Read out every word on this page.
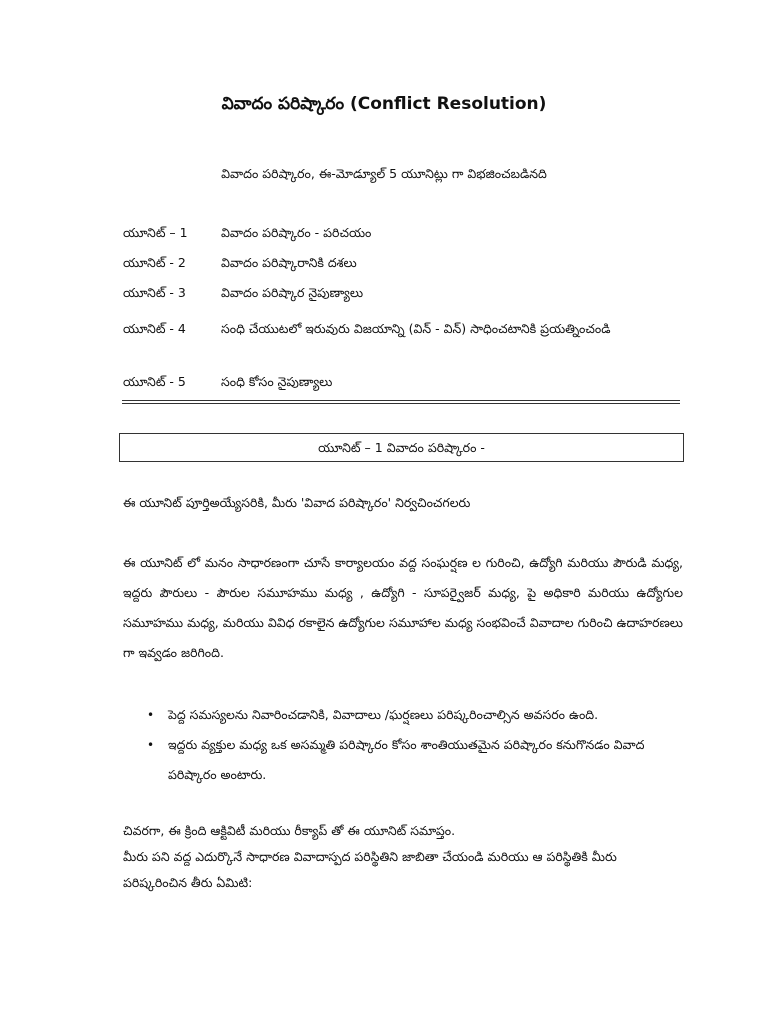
వివాదం పరిష్కారం (Conflict Resolution)
వివాదం పరిష్కారం, ఈ-మోడ్యూల్ 5 యూనిట్లు గా విభజించబడినది
యూనిట్ – 1	వివాదం పరిష్కారం - పరిచయం
యూనిట్ - 2	వివాదం పరిష్కారానికి దశలు
యూనిట్ - 3	వివాదం పరిష్కార నైపుణ్యాలు
యూనిట్ - 4	సంధి చేయుటలో ఇరువురు విజయాన్ని (విన్ - విన్) సాధించటానికి ప్రయత్నించండి
యూనిట్ - 5	సంధి కోసం నైపుణ్యాలు
యూనిట్ – 1 వివాదం పరిష్కారం -
ఈ యూనిట్ పూర్తిఅయ్యేసరికి, మీరు 'వివాద పరిష్కారం' నిర్వచించగలరు
ఈ యూనిట్ లో మనం సాధారణంగా చూసే కార్యాలయం వద్ద సంఘర్షణ ల గురించి, ఉద్యోగి మరియు పౌరుడి మధ్య, ఇద్దరు పౌరులు - పౌరుల సమూహము మధ్య , ఉద్యోగి - సూపర్వైజర్ మధ్య, పై అధికారి మరియు ఉద్యోగుల సమూహము మధ్య, మరియు వివిధ రకాలైన ఉద్యోగుల సమూహాల మధ్య సంభవించే వివాదాల గురించి ఉదాహరణలు గా ఇవ్వడం జరిగింది.
• పెద్ద సమస్యలను నివారించడానికి, వివాదాలు /ఘర్షణలు పరిష్కరించాల్సిన అవసరం ఉంది.
• ఇద్దరు వ్యక్తుల మధ్య ఒక అసమ్మతి పరిష్కారం కోసం శాంతియుతమైన పరిష్కారం కనుగొనడం వివాద పరిష్కారం అంటారు.
చివరగా, ఈ క్రింది ఆక్టివిటీ మరియు రీక్యాప్ తో ఈ యూనిట్ సమాప్తం.
మీరు పని వద్ద ఎదుర్కొనే సాధారణ వివాదాస్పద పరిస్థితిని జాబితా చేయండి మరియు ఆ పరిస్థితికి మీరు పరిష్కరించిన తీరు ఏమిటి:
